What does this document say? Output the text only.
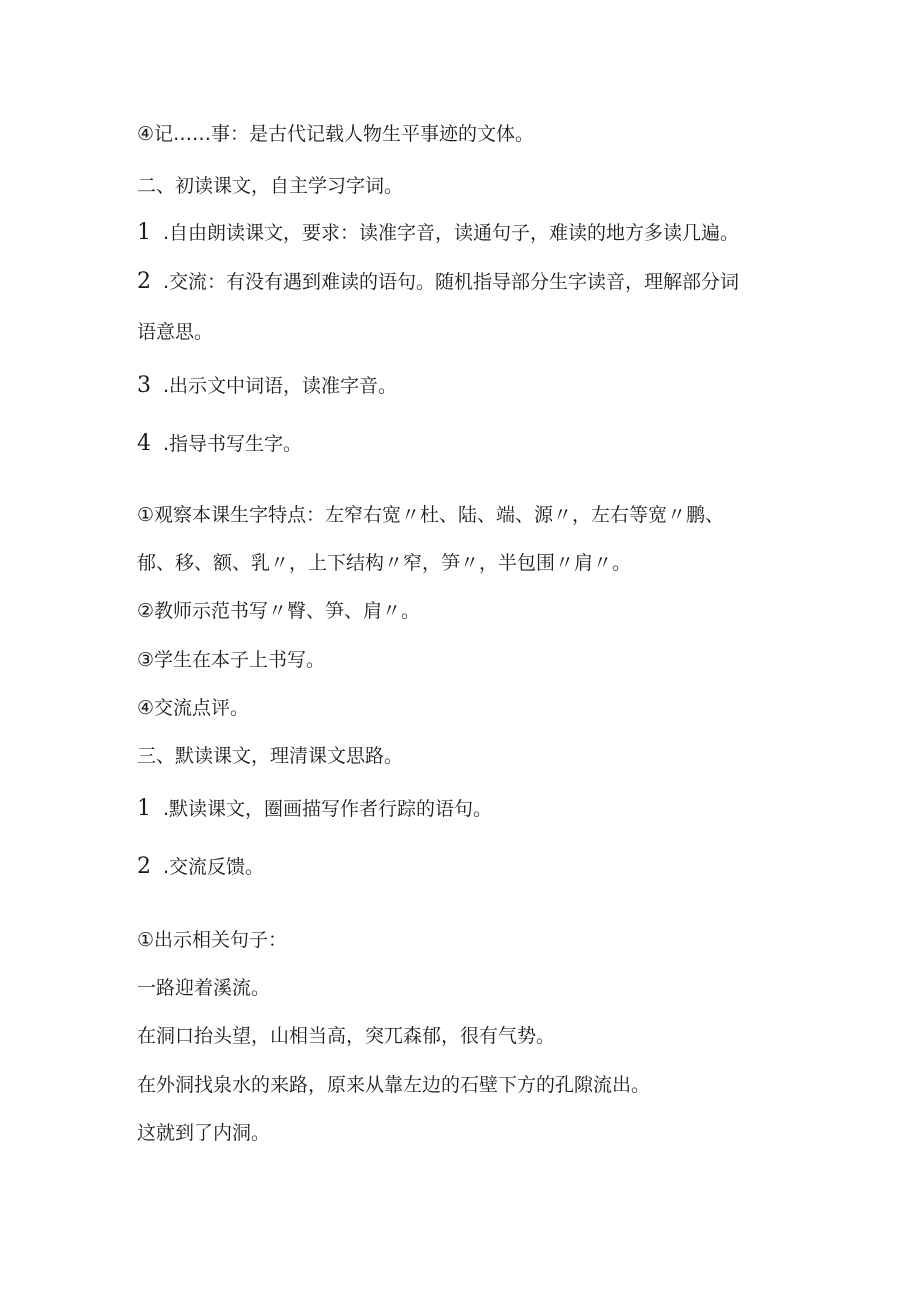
④记……事：是古代记载人物生平事迹的文体。

二、初读课文，自主学习字词。

1 .自由朗读课文，要求：读准字音，读通句子，难读的地方多读几遍。

2 .交流：有没有遇到难读的语句。随机指导部分生字读音，理解部分词

语意思。

3 .出示文中词语，读准字音。

4 .指导书写生字。

①观察本课生字特点：左窄右宽〃杜、陆、端、源〃，左右等宽〃鹏、

郁、移、额、乳〃，上下结构〃窄，笋〃，半包围〃肩〃。

②教师示范书写〃臀、笋、肩〃。

③学生在本子上书写。

④交流点评。

三、默读课文，理清课文思路。

1 .默读课文，圈画描写作者行踪的语句。

2 .交流反馈。

①出示相关句子：

一路迎着溪流。

在洞口抬头望，山相当高，突兀森郁，很有气势。

在外洞找泉水的来路，原来从靠左边的石壁下方的孔隙流出。

这就到了内洞。
